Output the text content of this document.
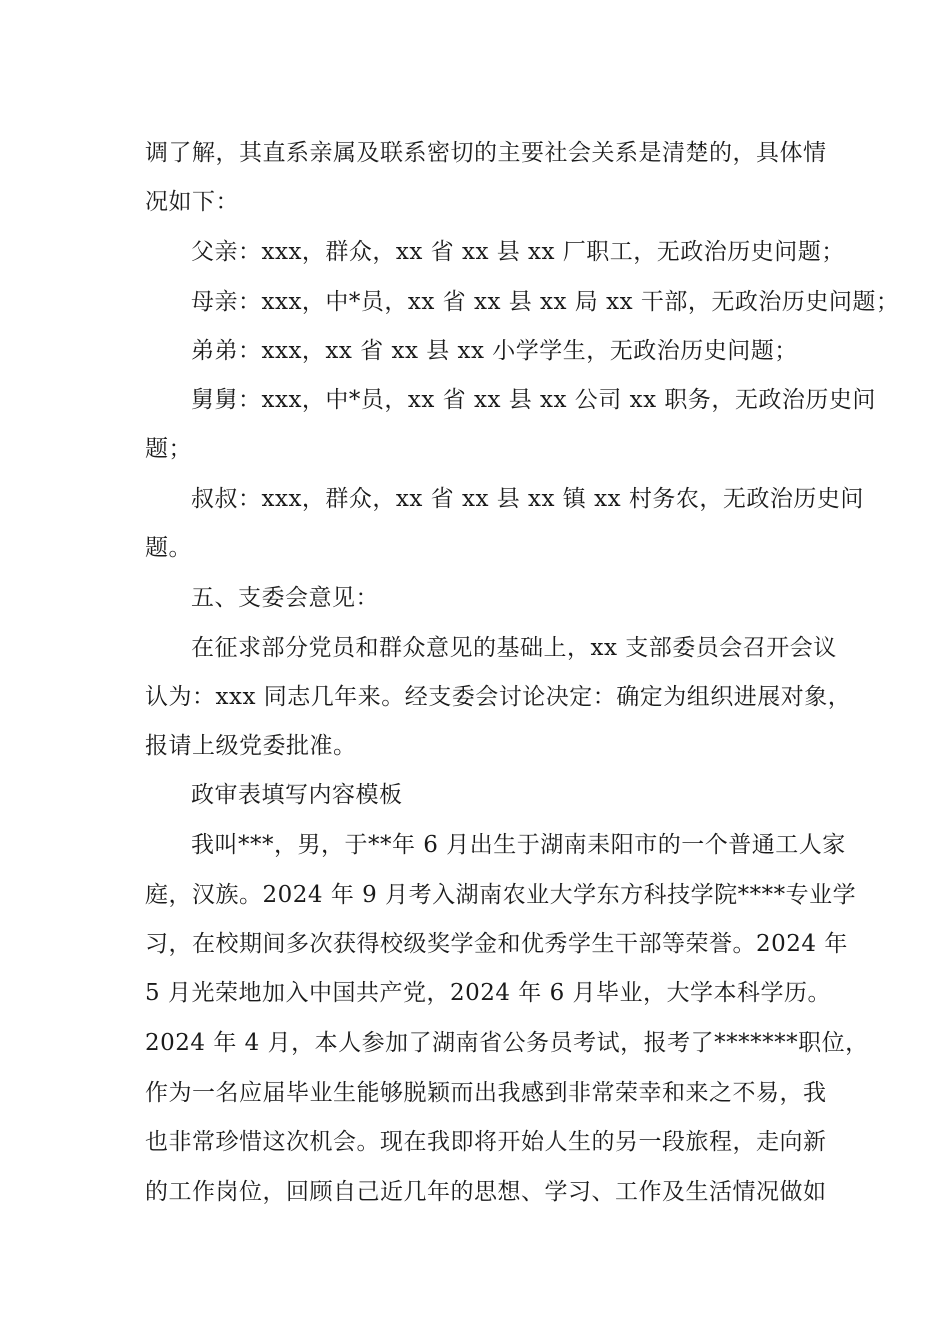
调了解，其直系亲属及联系密切的主要社会关系是清楚的，具体情
况如下：
父亲：xxx，群众，xx 省 xx 县 xx 厂职工，无政治历史问题；
母亲：xxx，中*员，xx 省 xx 县 xx 局 xx 干部，无政治历史问题；
弟弟：xxx，xx 省 xx 县 xx 小学学生，无政治历史问题；
舅舅：xxx，中*员，xx 省 xx 县 xx 公司 xx 职务，无政治历史问
题；
叔叔：xxx，群众，xx 省 xx 县 xx 镇 xx 村务农，无政治历史问
题。
五、支委会意见：
在征求部分党员和群众意见的基础上，xx 支部委员会召开会议
认为：xxx 同志几年来。经支委会讨论决定：确定为组织进展对象，
报请上级党委批准。
政审表填写内容模板
我叫***，男，于**年 6 月出生于湖南耒阳市的一个普通工人家
庭，汉族。2024 年 9 月考入湖南农业大学东方科技学院****专业学
习，在校期间多次获得校级奖学金和优秀学生干部等荣誉。2024 年
5 月光荣地加入中国共产党，2024 年 6 月毕业，大学本科学历。
2024 年 4 月，本人参加了湖南省公务员考试，报考了*******职位，
作为一名应届毕业生能够脱颖而出我感到非常荣幸和来之不易，我
也非常珍惜这次机会。现在我即将开始人生的另一段旅程，走向新
的工作岗位，回顾自己近几年的思想、学习、工作及生活情况做如
